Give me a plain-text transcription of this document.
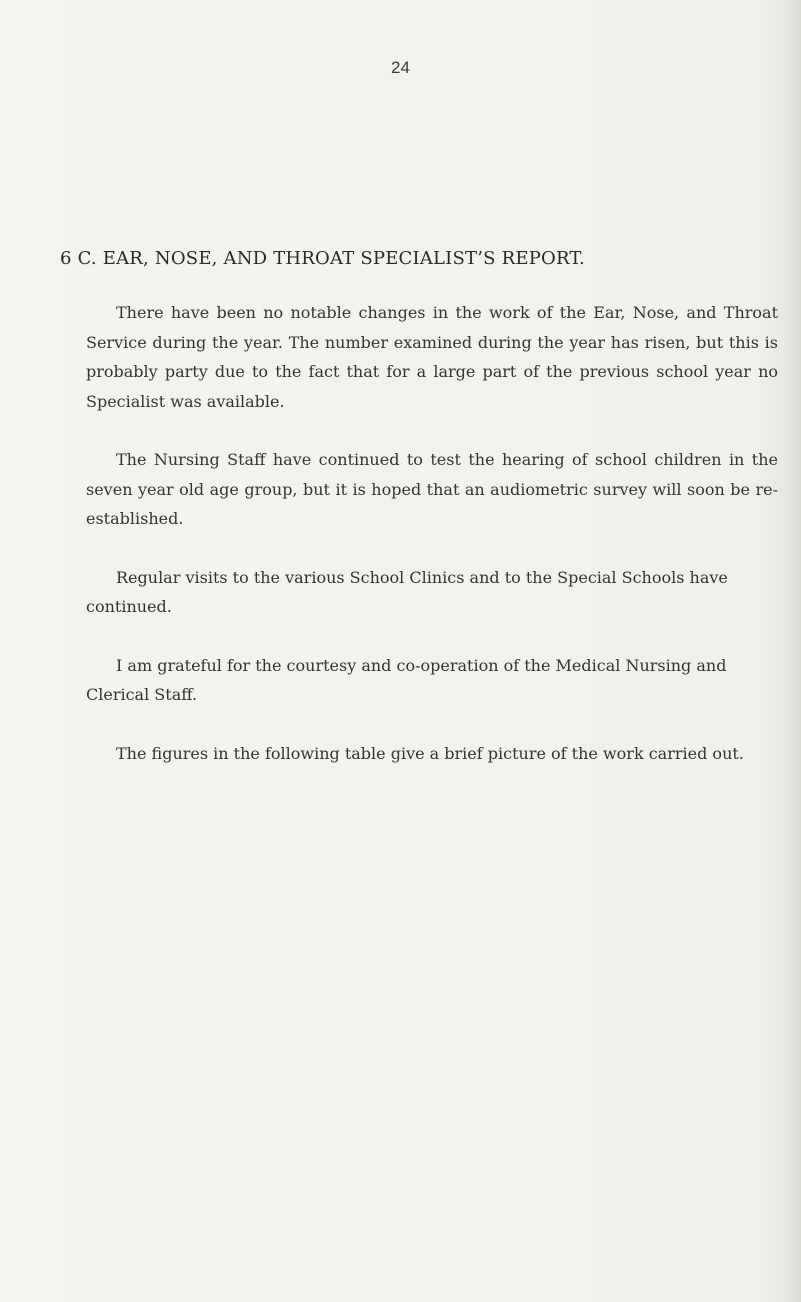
24
6 C. EAR, NOSE, AND THROAT SPECIALIST’S REPORT.

There have been no notable changes in the work of the Ear, Nose, and Throat Service during the year. The number examined during the year has risen, but this is probably party due to the fact that for a large part of the previous school year no Specialist was available.

The Nursing Staff have continued to test the hearing of school children in the seven year old age group, but it is hoped that an audiometric survey will soon be re-established.

Regular visits to the various School Clinics and to the Special Schools have continued.

I am grateful for the courtesy and co-operation of the Medical Nursing and Clerical Staff.

The figures in the following table give a brief picture of the work carried out.
